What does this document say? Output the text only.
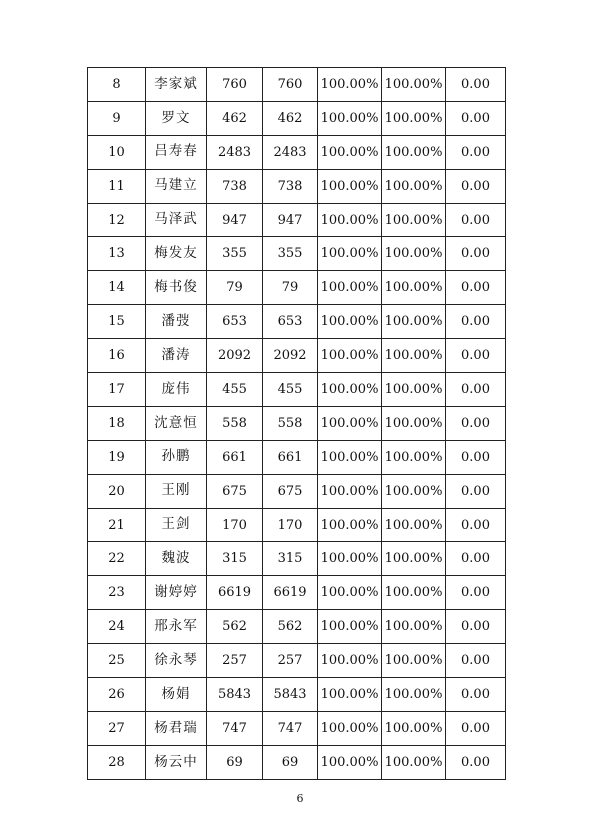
8	李家斌	760	760	100.00%	100.00%	0.00
9	罗文	462	462	100.00%	100.00%	0.00
10	吕寿春	2483	2483	100.00%	100.00%	0.00
11	马建立	738	738	100.00%	100.00%	0.00
12	马泽武	947	947	100.00%	100.00%	0.00
13	梅发友	355	355	100.00%	100.00%	0.00
14	梅书俊	79	79	100.00%	100.00%	0.00
15	潘弢	653	653	100.00%	100.00%	0.00
16	潘涛	2092	2092	100.00%	100.00%	0.00
17	庞伟	455	455	100.00%	100.00%	0.00
18	沈意恒	558	558	100.00%	100.00%	0.00
19	孙鹏	661	661	100.00%	100.00%	0.00
20	王刚	675	675	100.00%	100.00%	0.00
21	王剑	170	170	100.00%	100.00%	0.00
22	魏波	315	315	100.00%	100.00%	0.00
23	谢婷婷	6619	6619	100.00%	100.00%	0.00
24	邢永军	562	562	100.00%	100.00%	0.00
25	徐永琴	257	257	100.00%	100.00%	0.00
26	杨娟	5843	5843	100.00%	100.00%	0.00
27	杨君瑞	747	747	100.00%	100.00%	0.00
28	杨云中	69	69	100.00%	100.00%	0.00
6
